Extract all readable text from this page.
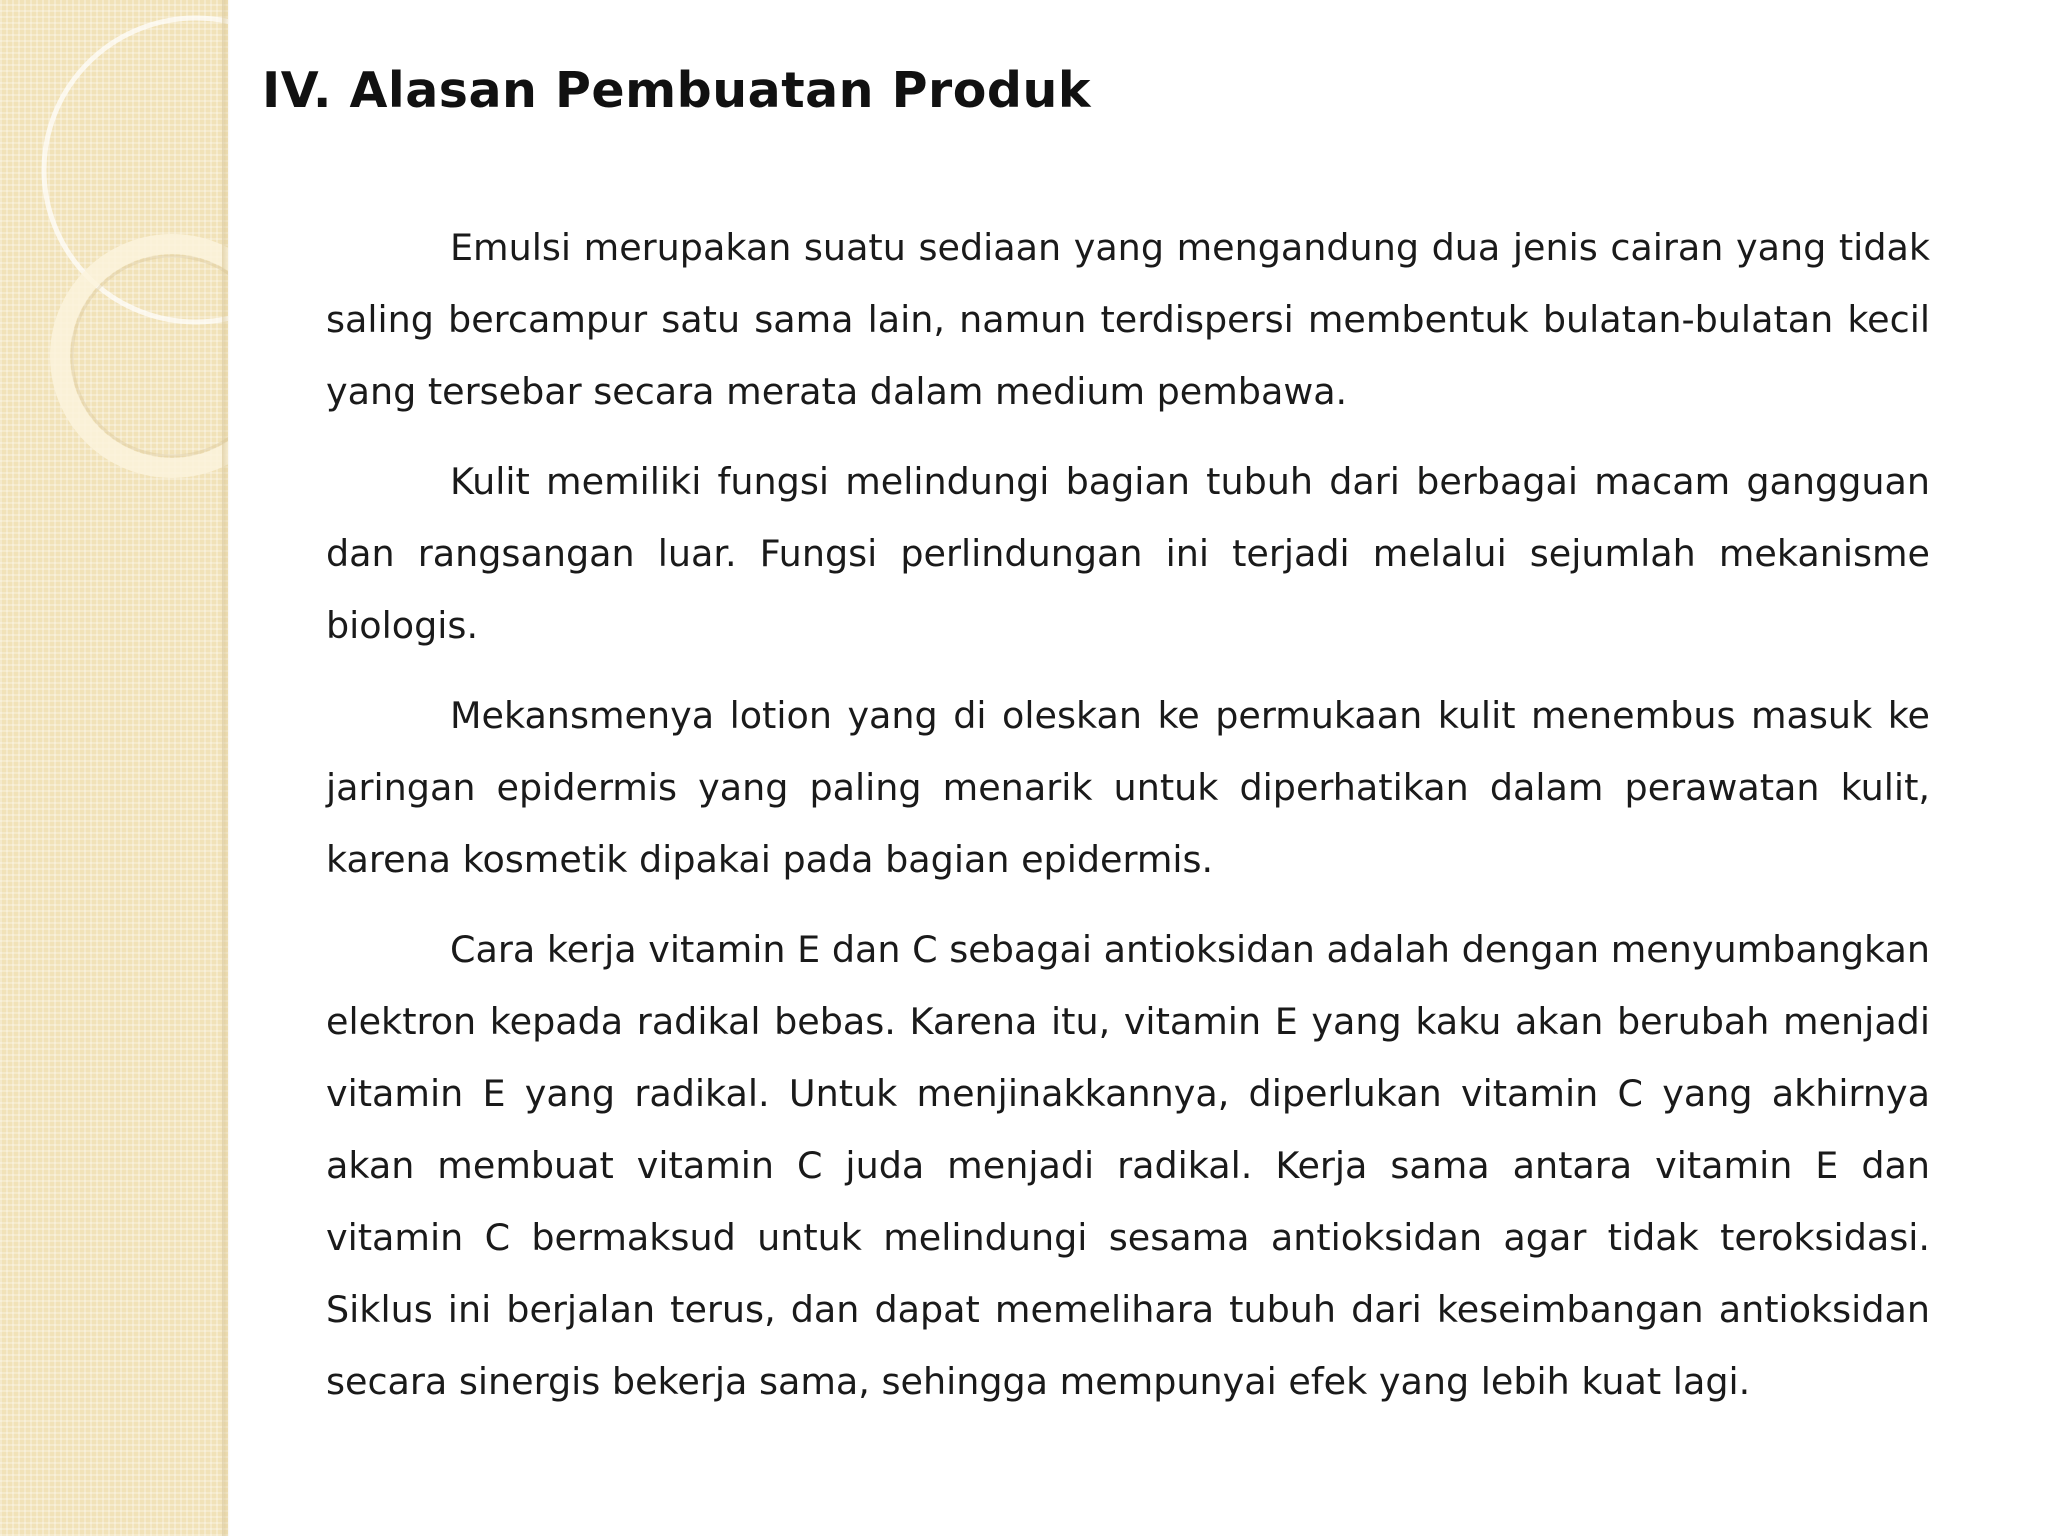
IV. Alasan Pembuatan Produk

Emulsi merupakan suatu sediaan yang mengandung dua jenis cairan yang tidak saling bercampur satu sama lain, namun terdispersi membentuk bulatan-bulatan kecil yang tersebar secara merata dalam medium pembawa.

Kulit memiliki fungsi melindungi bagian tubuh dari berbagai macam gangguan dan rangsangan luar. Fungsi perlindungan ini terjadi melalui sejumlah mekanisme biologis.

Mekansmenya lotion yang di oleskan ke permukaan kulit menembus masuk ke jaringan epidermis yang paling menarik untuk diperhatikan dalam perawatan kulit, karena kosmetik dipakai pada bagian epidermis.

Cara kerja vitamin E dan C sebagai antioksidan adalah dengan menyumbangkan elektron kepada radikal bebas. Karena itu, vitamin E yang kaku akan berubah menjadi vitamin E yang radikal. Untuk menjinakkannya, diperlukan vitamin C yang akhirnya akan membuat vitamin C juda menjadi radikal. Kerja sama antara vitamin E dan vitamin C bermaksud untuk melindungi sesama antioksidan agar tidak teroksidasi. Siklus ini berjalan terus, dan dapat memelihara tubuh dari keseimbangan antioksidan secara sinergis bekerja sama, sehingga mempunyai efek yang lebih kuat lagi.
